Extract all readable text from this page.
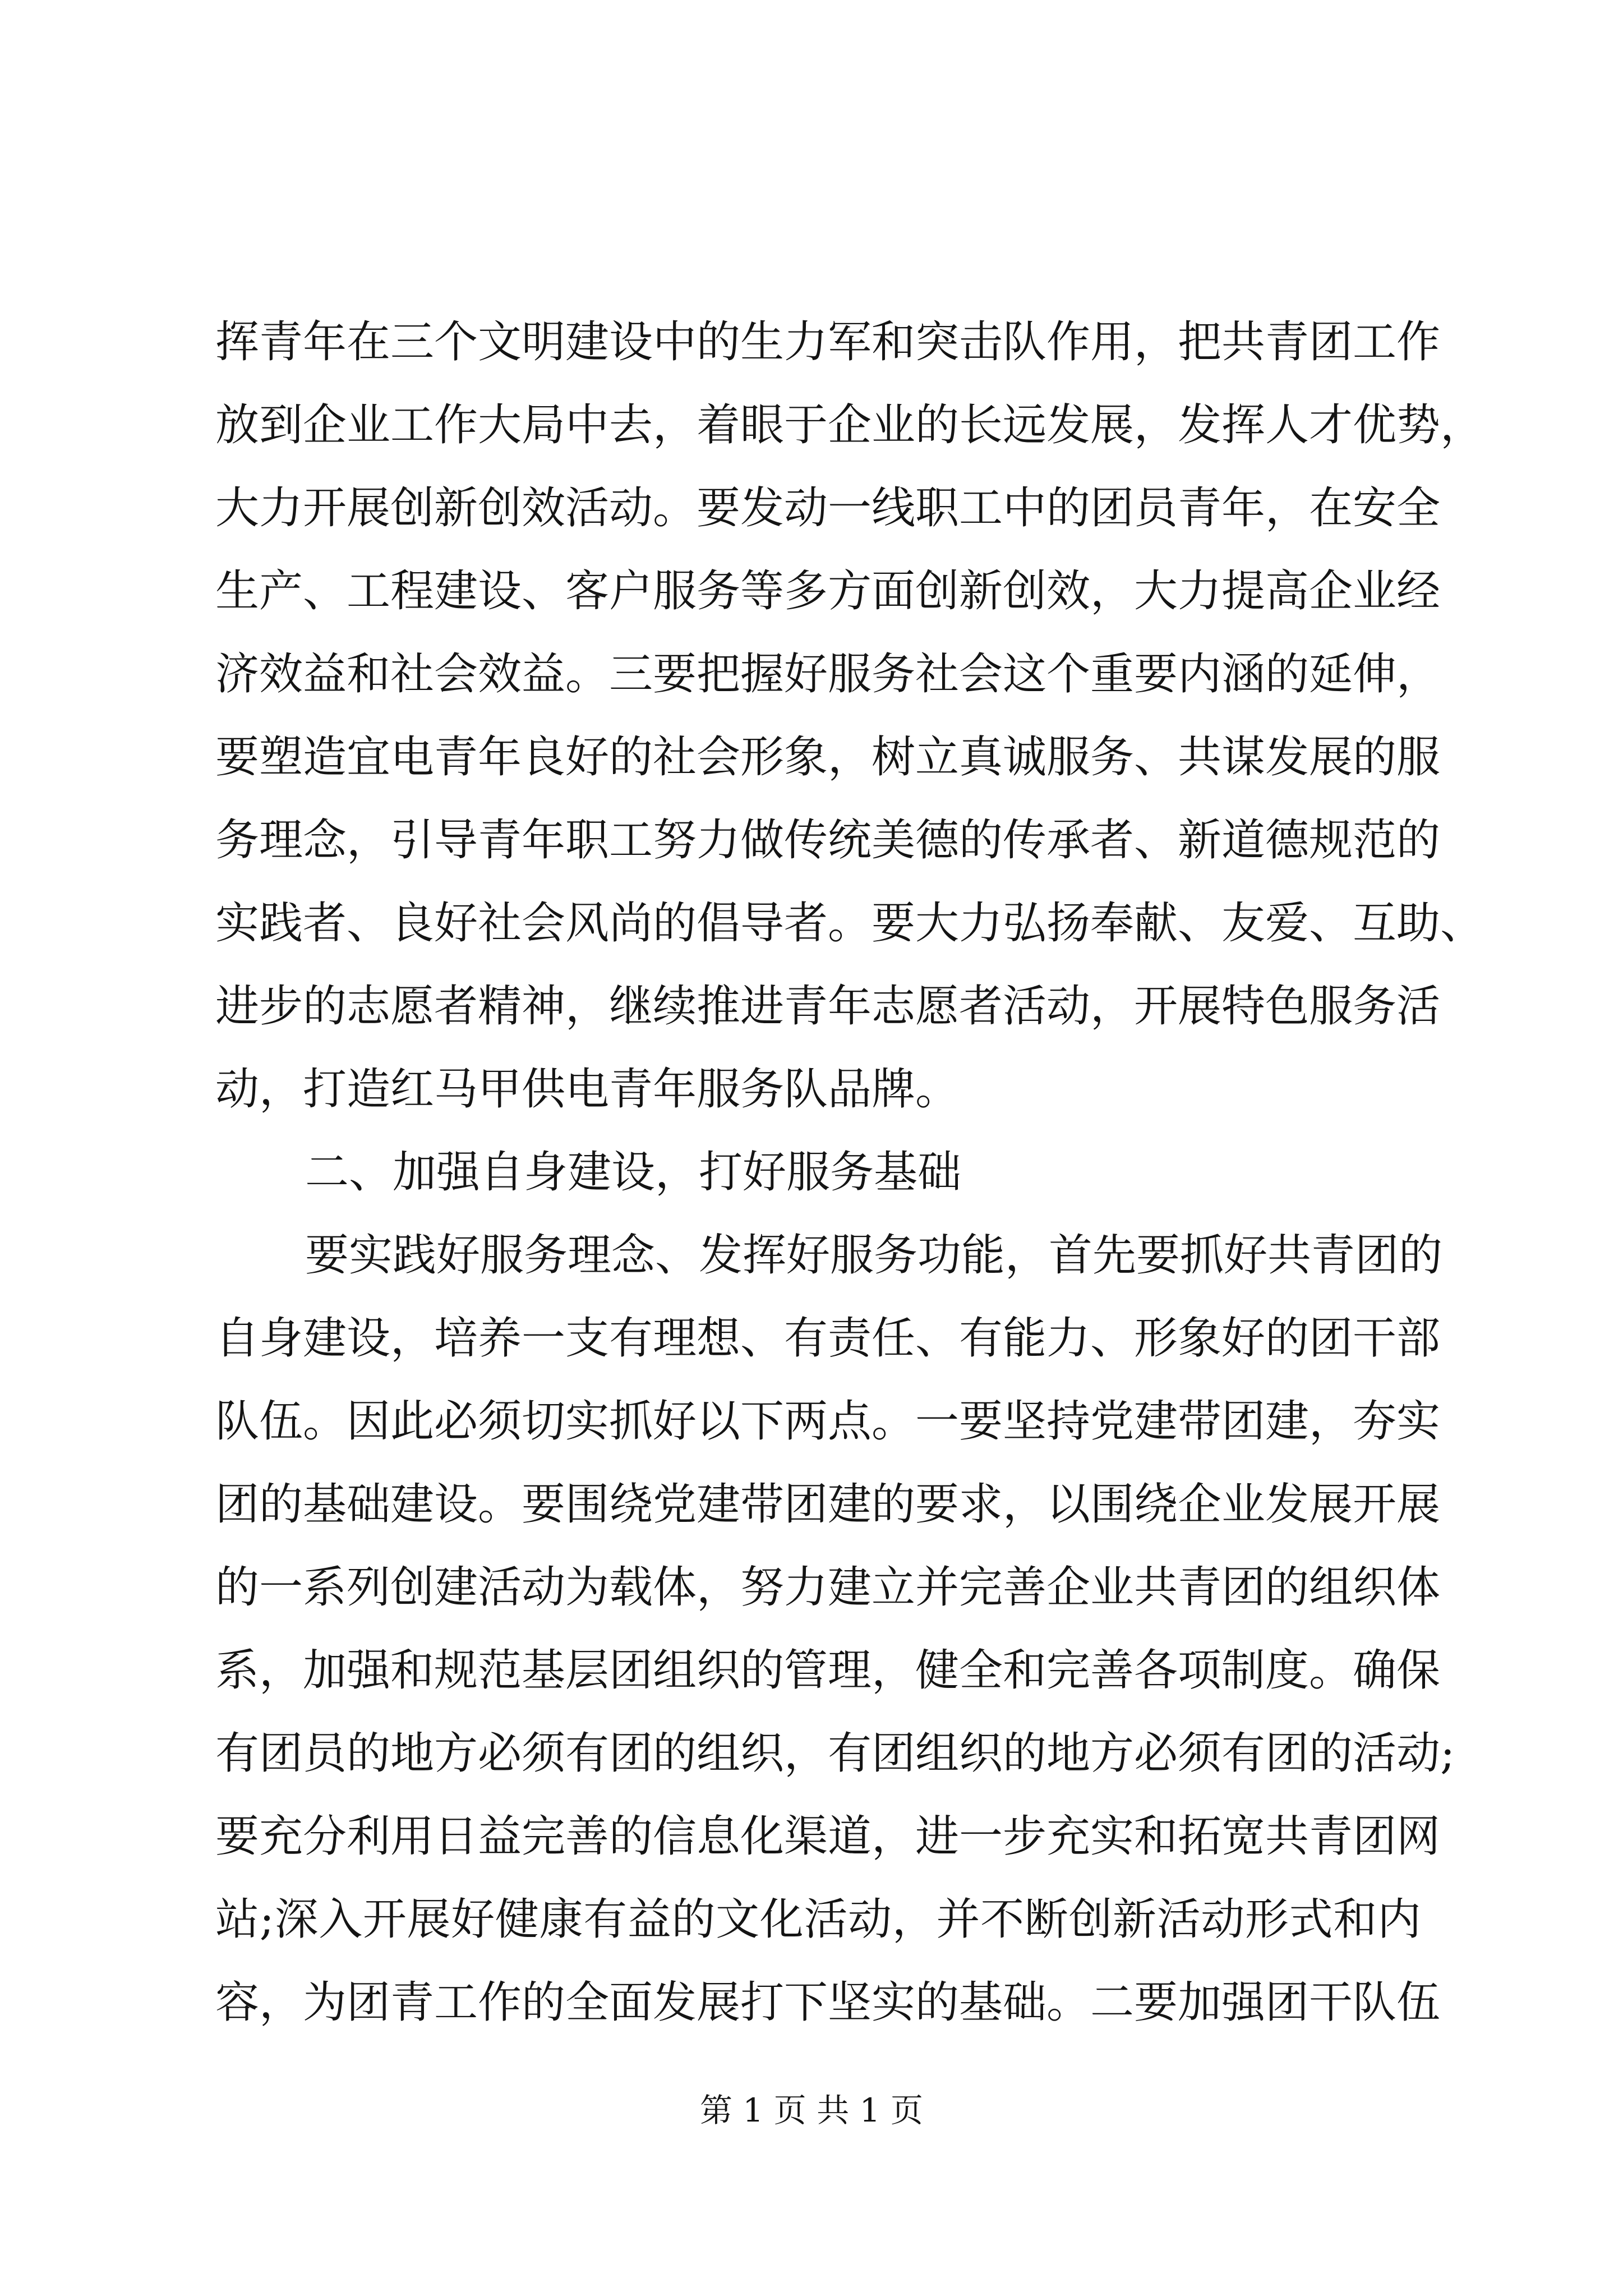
挥青年在三个文明建设中的生力军和突击队作用，把共青团工作
放到企业工作大局中去，着眼于企业的长远发展，发挥人才优势，
大力开展创新创效活动。要发动一线职工中的团员青年，在安全
生产、工程建设、客户服务等多方面创新创效，大力提高企业经
济效益和社会效益。三要把握好服务社会这个重要内涵的延伸，
要塑造宜电青年良好的社会形象，树立真诚服务、共谋发展的服
务理念，引导青年职工努力做传统美德的传承者、新道德规范的
实践者、良好社会风尚的倡导者。要大力弘扬奉献、友爱、互助、
进步的志愿者精神，继续推进青年志愿者活动，开展特色服务活
动，打造红马甲供电青年服务队品牌。
二、加强自身建设，打好服务基础
要实践好服务理念、发挥好服务功能，首先要抓好共青团的
自身建设，培养一支有理想、有责任、有能力、形象好的团干部
队伍。因此必须切实抓好以下两点。一要坚持党建带团建，夯实
团的基础建设。要围绕党建带团建的要求，以围绕企业发展开展
的一系列创建活动为载体，努力建立并完善企业共青团的组织体
系，加强和规范基层团组织的管理，健全和完善各项制度。确保
有团员的地方必须有团的组织，有团组织的地方必须有团的活动;
要充分利用日益完善的信息化渠道，进一步充实和拓宽共青团网
站;深入开展好健康有益的文化活动，并不断创新活动形式和内
容，为团青工作的全面发展打下坚实的基础。二要加强团干队伍
第 1 页 共 1 页
